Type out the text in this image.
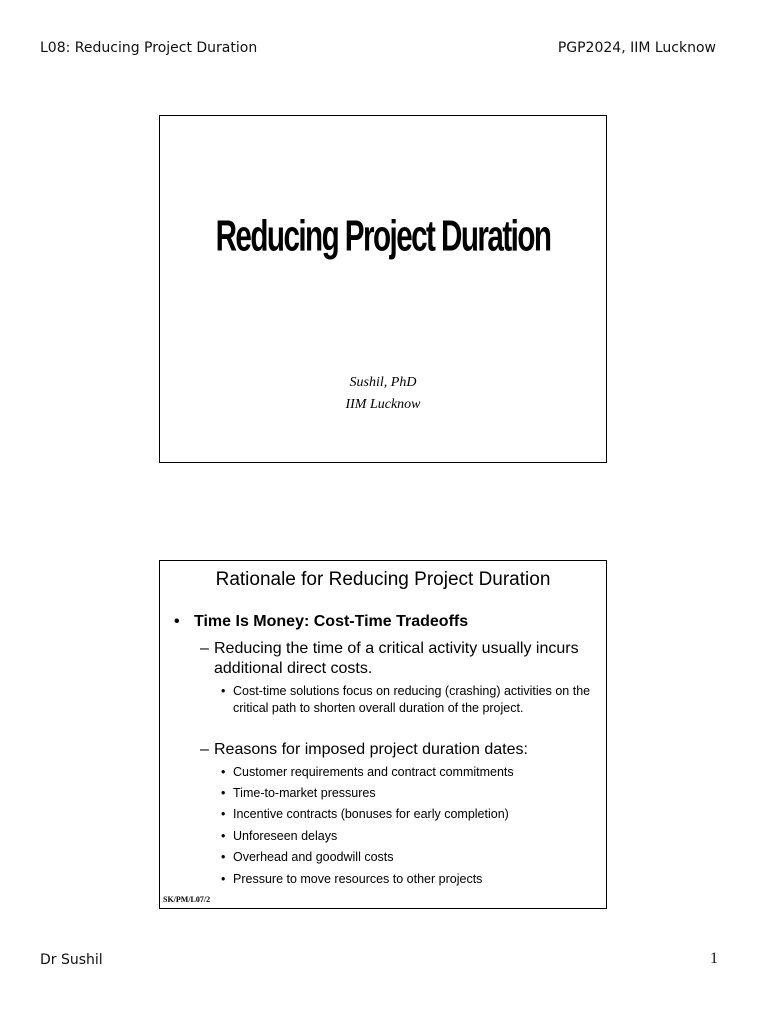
L08: Reducing Project Duration	PGP2024, IIM Lucknow
Reducing Project Duration
Sushil, PhD
IIM Lucknow
Rationale for Reducing Project Duration
• Time Is Money: Cost-Time Tradeoffs
– Reducing the time of a critical activity usually incurs additional direct costs.
• Cost-time solutions focus on reducing (crashing) activities on the critical path to shorten overall duration of the project.
– Reasons for imposed project duration dates:
• Customer requirements and contract commitments
• Time-to-market pressures
• Incentive contracts (bonuses for early completion)
• Unforeseen delays
• Overhead and goodwill costs
• Pressure to move resources to other projects
SK/PM/L07/2
Dr Sushil	1
